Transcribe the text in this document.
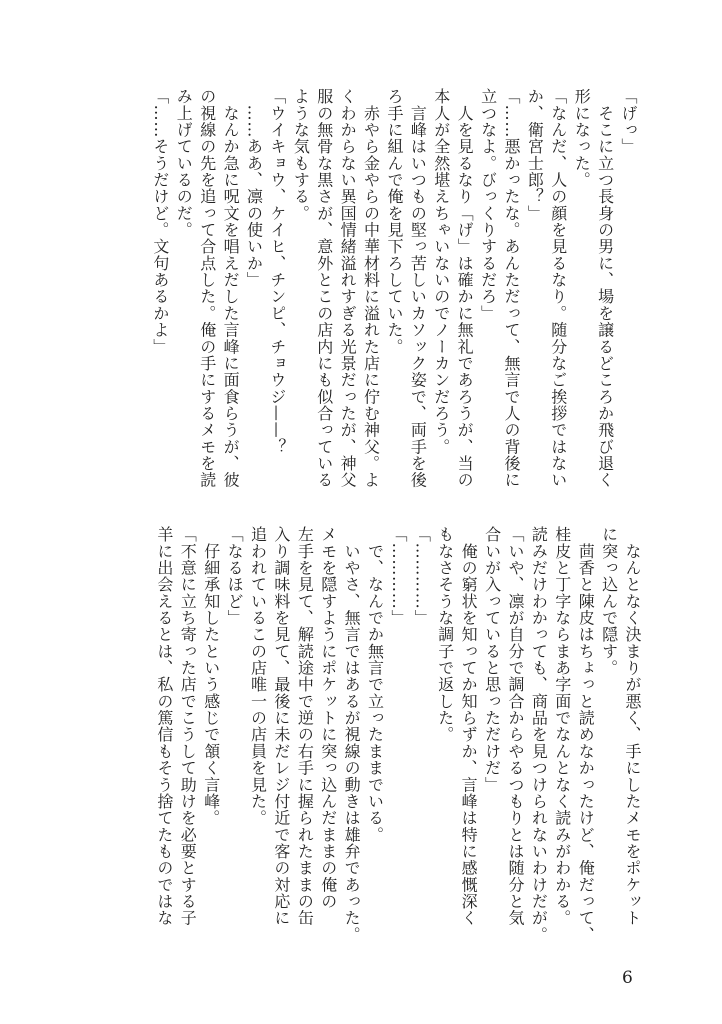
「げっ」
　そこに立つ長身の男に、場を譲るどころか飛び退く
形になった。
「なんだ、人の顔を見るなり。随分なご挨拶ではない
か、衛宮士郎？」
「……悪かったな。あんただって、無言で人の背後に
立つなよ。びっくりするだろ」
　人を見るなり「げ」は確かに無礼であろうが、当の
本人が全然堪えちゃいないのでノーカンだろう。
　言峰はいつもの堅っ苦しいカソック姿で、両手を後
ろ手に組んで俺を見下ろしていた。
　赤やら金やらの中華材料に溢れた店に佇む神父。よ
くわからない異国情緒溢れすぎる光景だったが、神父
服の無骨な黒さが、意外とこの店内にも似合っている
ような気もする。
「ウイキョウ、ケイヒ、チンピ、チョウジ——？
　……ああ、凛の使いか」
　なんか急に呪文を唱えだした言峰に面食らうが、彼
の視線の先を追って合点した。俺の手にするメモを読
み上げているのだ。
「……そうだけど。文句あるかよ」
　なんとなく決まりが悪く、手にしたメモをポケット
に突っ込んで隠す。
　茴香と陳皮はちょっと読めなかったけど、俺だって、
桂皮と丁字ならまあ字面でなんとなく読みがわかる。
読みだけわかっても、商品を見つけられないわけだが。
「いや、凛が自分で調合からやるつもりとは随分と気
合いが入っていると思っただけだ」
　俺の窮状を知ってか知らずか、言峰は特に感慨深く
もなさそうな調子で返した。
「…………」
「…………」
　で、なんでか無言で立ったままでいる。
　いやさ、無言ではあるが視線の動きは雄弁であった。
メモを隠すようにポケットに突っ込んだままの俺の
左手を見て、解読途中で逆の右手に握られたままの缶
入り調味料を見て、最後に未だレジ付近で客の対応に
追われているこの店唯一の店員を見た。
「なるほど」
　仔細承知したという感じで頷く言峰。
「不意に立ち寄った店でこうして助けを必要とする子
羊に出会えるとは、私の篤信もそう捨てたものではな
6
